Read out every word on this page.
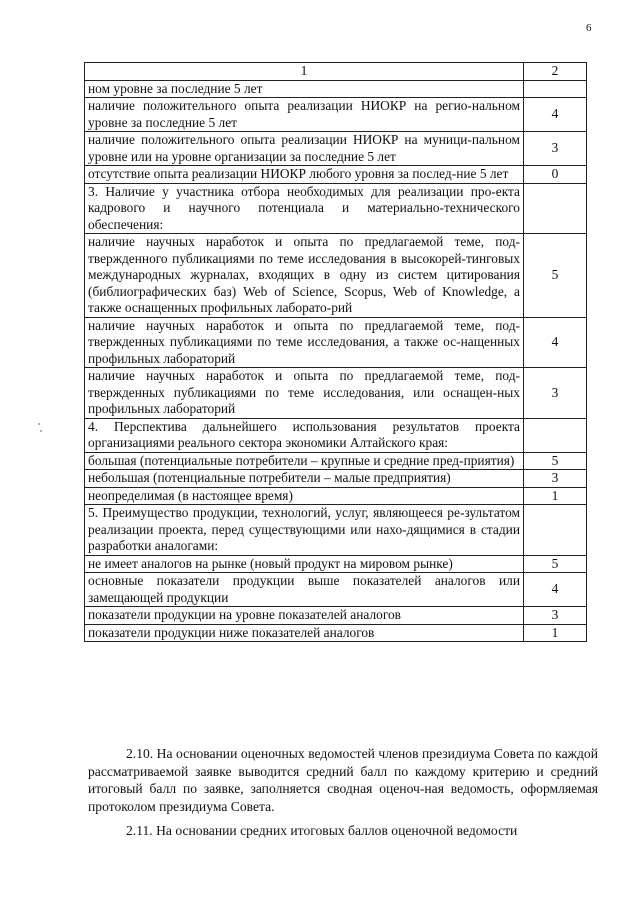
6
1	2
ном уровне за последние 5 лет	
наличие положительного опыта реализации НИОКР на регио-нальном уровне за последние 5 лет	4
наличие положительного опыта реализации НИОКР на муници-пальном уровне или на уровне организации за последние 5 лет	3
отсутствие опыта реализации НИОКР любого уровня за послед-ние 5 лет	0
3. Наличие у участника отбора необходимых для реализации про-екта кадрового и научного потенциала и материально-технического обеспечения:	
наличие научных наработок и опыта по предлагаемой теме, под-твержденного публикациями по теме исследования в высокорей-тинговых международных журналах, входящих в одну из систем цитирования (библиографических баз) Web of Science, Scopus, Web of Knowledge, а также оснащенных профильных лаборато-рий	5
наличие научных наработок и опыта по предлагаемой теме, под-твержденных публикациями по теме исследования, а также ос-нащенных профильных лабораторий	4
наличие научных наработок и опыта по предлагаемой теме, под-твержденных публикациями по теме исследования, или оснащен-ных профильных лабораторий	3
4. Перспектива дальнейшего использования результатов проекта организациями реального сектора экономики Алтайского края:	
большая (потенциальные потребители – крупные и средние пред-приятия)	5
небольшая (потенциальные потребители – малые предприятия)	3
неопределимая (в настоящее время)	1
5. Преимущество продукции, технологий, услуг, являющееся ре-зультатом реализации проекта, перед существующими или нахо-дящимися в стадии разработки аналогами:	
не имеет аналогов на рынке (новый продукт на мировом рынке)	5
основные показатели продукции выше показателей аналогов или замещающей продукции	4
показатели продукции на уровне показателей аналогов	3
показатели продукции ниже показателей аналогов	1

2.10. На основании оценочных ведомостей членов президиума Совета по каждой рассматриваемой заявке выводится средний балл по каждому критерию и средний итоговый балл по заявке, заполняется сводная оценоч-ная ведомость, оформляемая протоколом президиума Совета.

2.11. На основании средних итоговых баллов оценочной ведомости
